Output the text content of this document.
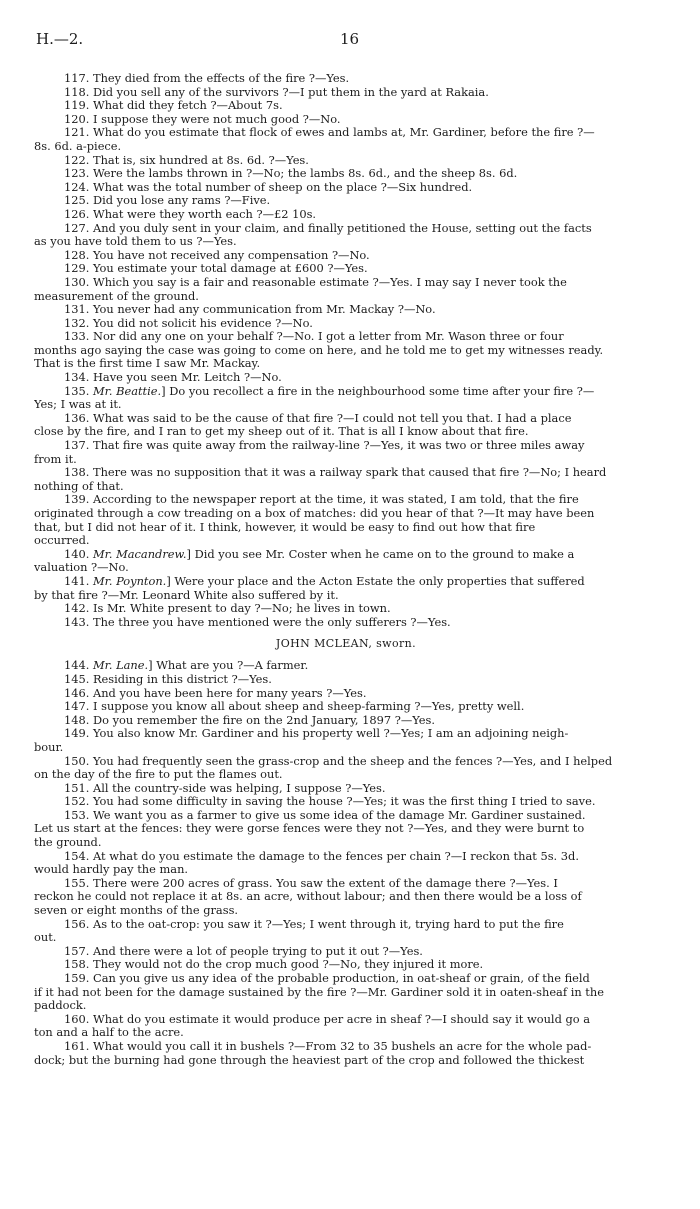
H.—2.	16
117. They died from the effects of the fire ?—Yes.
118. Did you sell any of the survivors ?—I put them in the yard at Rakaia.
119. What did they fetch ?—About 7s.
120. I suppose they were not much good ?—No.
121. What do you estimate that flock of ewes and lambs at, Mr. Gardiner, before the fire ?—
8s. 6d. a-piece.
122. That is, six hundred at 8s. 6d. ?—Yes.
123. Were the lambs thrown in ?—No; the lambs 8s. 6d., and the sheep 8s. 6d.
124. What was the total number of sheep on the place ?—Six hundred.
125. Did you lose any rams ?—Five.
126. What were they worth each ?—£2 10s.
127. And you duly sent in your claim, and finally petitioned the House, setting out the facts
as you have told them to us ?—Yes.
128. You have not received any compensation ?—No.
129. You estimate your total damage at £600 ?—Yes.
130. Which you say is a fair and reasonable estimate ?—Yes. I may say I never took the
measurement of the ground.
131. You never had any communication from Mr. Mackay ?—No.
132. You did not solicit his evidence ?—No.
133. Nor did any one on your behalf ?—No. I got a letter from Mr. Wason three or four
months ago saying the case was going to come on here, and he told me to get my witnesses ready.
That is the first time I saw Mr. Mackay.
134. Have you seen Mr. Leitch ?—No.
135. Mr. Beattie.] Do you recollect a fire in the neighbourhood some time after your fire ?—
Yes; I was at it.
136. What was said to be the cause of that fire ?—I could not tell you that. I had a place
close by the fire, and I ran to get my sheep out of it. That is all I know about that fire.
137. That fire was quite away from the railway-line ?—Yes, it was two or three miles away
from it.
138. There was no supposition that it was a railway spark that caused that fire ?—No; I heard
nothing of that.
139. According to the newspaper report at the time, it was stated, I am told, that the fire
originated through a cow treading on a box of matches: did you hear of that ?—It may have been
that, but I did not hear of it. I think, however, it would be easy to find out how that fire
occurred.
140. Mr. Macandrew.] Did you see Mr. Coster when he came on to the ground to make a
valuation ?—No.
141. Mr. Poynton.] Were your place and the Acton Estate the only properties that suffered
by that fire ?—Mr. Leonard White also suffered by it.
142. Is Mr. White present to day ?—No; he lives in town.
143. The three you have mentioned were the only sufferers ?—Yes.
JOHN MCLEAN, sworn.
144. Mr. Lane.] What are you ?—A farmer.
145. Residing in this district ?—Yes.
146. And you have been here for many years ?—Yes.
147. I suppose you know all about sheep and sheep-farming ?—Yes, pretty well.
148. Do you remember the fire on the 2nd January, 1897 ?—Yes.
149. You also know Mr. Gardiner and his property well ?—Yes; I am an adjoining neigh-
bour.
150. You had frequently seen the grass-crop and the sheep and the fences ?—Yes, and I helped
on the day of the fire to put the flames out.
151. All the country-side was helping, I suppose ?—Yes.
152. You had some difficulty in saving the house ?—Yes; it was the first thing I tried to save.
153. We want you as a farmer to give us some idea of the damage Mr. Gardiner sustained.
Let us start at the fences: they were gorse fences were they not ?—Yes, and they were burnt to
the ground.
154. At what do you estimate the damage to the fences per chain ?—I reckon that 5s. 3d.
would hardly pay the man.
155. There were 200 acres of grass. You saw the extent of the damage there ?—Yes. I
reckon he could not replace it at 8s. an acre, without labour; and then there would be a loss of
seven or eight months of the grass.
156. As to the oat-crop: you saw it ?—Yes; I went through it, trying hard to put the fire
out.
157. And there were a lot of people trying to put it out ?—Yes.
158. They would not do the crop much good ?—No, they injured it more.
159. Can you give us any idea of the probable production, in oat-sheaf or grain, of the field
if it had not been for the damage sustained by the fire ?—Mr. Gardiner sold it in oaten-sheaf in the
paddock.
160. What do you estimate it would produce per acre in sheaf ?—I should say it would go a
ton and a half to the acre.
161. What would you call it in bushels ?—From 32 to 35 bushels an acre for the whole pad-
dock; but the burning had gone through the heaviest part of the crop and followed the thickest
